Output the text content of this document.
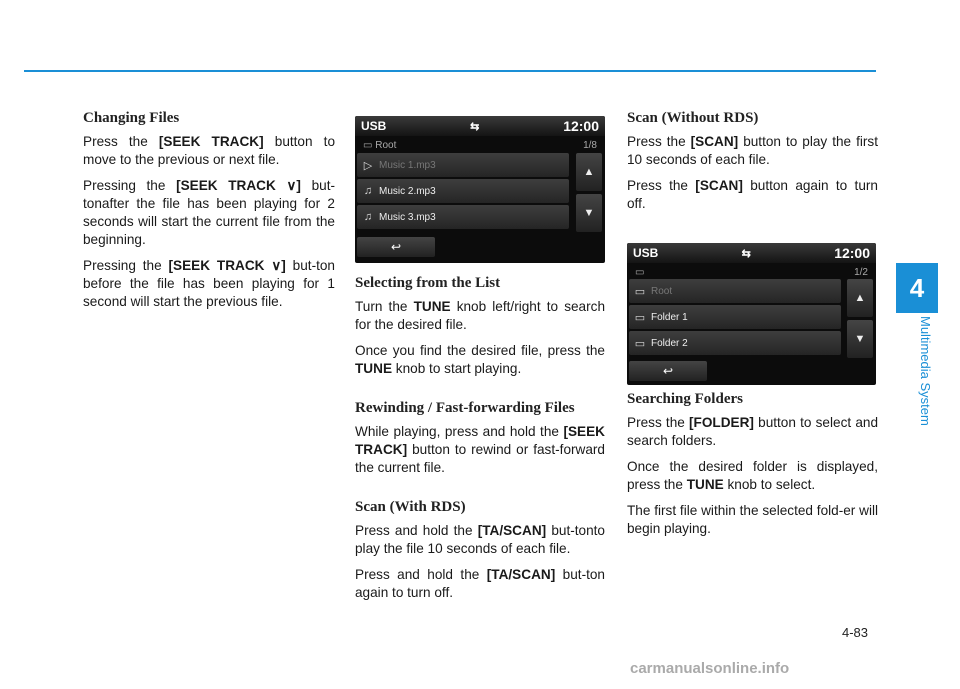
4
Multimedia System
Changing Files

Press the [SEEK TRACK] button to move to the previous or next file.

Pressing the [SEEK TRACK ∨] but-tonafter the file has been playing for 2 seconds will start the current file from the beginning.

Pressing the [SEEK TRACK ∨] but-ton before the file has been playing for 1 second will start the previous file.

USB	⇆	12:00
▭ Root	1/8
▷ Music 1.mp3
♫ Music 2.mp3
♫ Music 3.mp3
▲
▼
↩
Selecting from the List

Turn the TUNE knob left/right to search for the desired file.

Once you find the desired file, press the TUNE knob to start playing.

Rewinding / Fast-forwarding Files

While playing, press and hold the [SEEK TRACK] button to rewind or fast-forward the current file.

Scan (With RDS)

Press and hold the [TA/SCAN] but-tonto play the file 10 seconds of each file.

Press and hold the [TA/SCAN] but-ton again to turn off.

Scan (Without RDS)

Press the [SCAN] button to play the first 10 seconds of each file.

Press the [SCAN] button again to turn off.

USB	⇆	12:00
▭	1/2
▭ Root
▭ Folder 1
▭ Folder 2
▲
▼
↩
Searching Folders

Press the [FOLDER] button to select and search folders.

Once the desired folder is displayed, press the TUNE knob to select.

The first file within the selected fold-er will begin playing.

4-83
carmanualsonline.info
